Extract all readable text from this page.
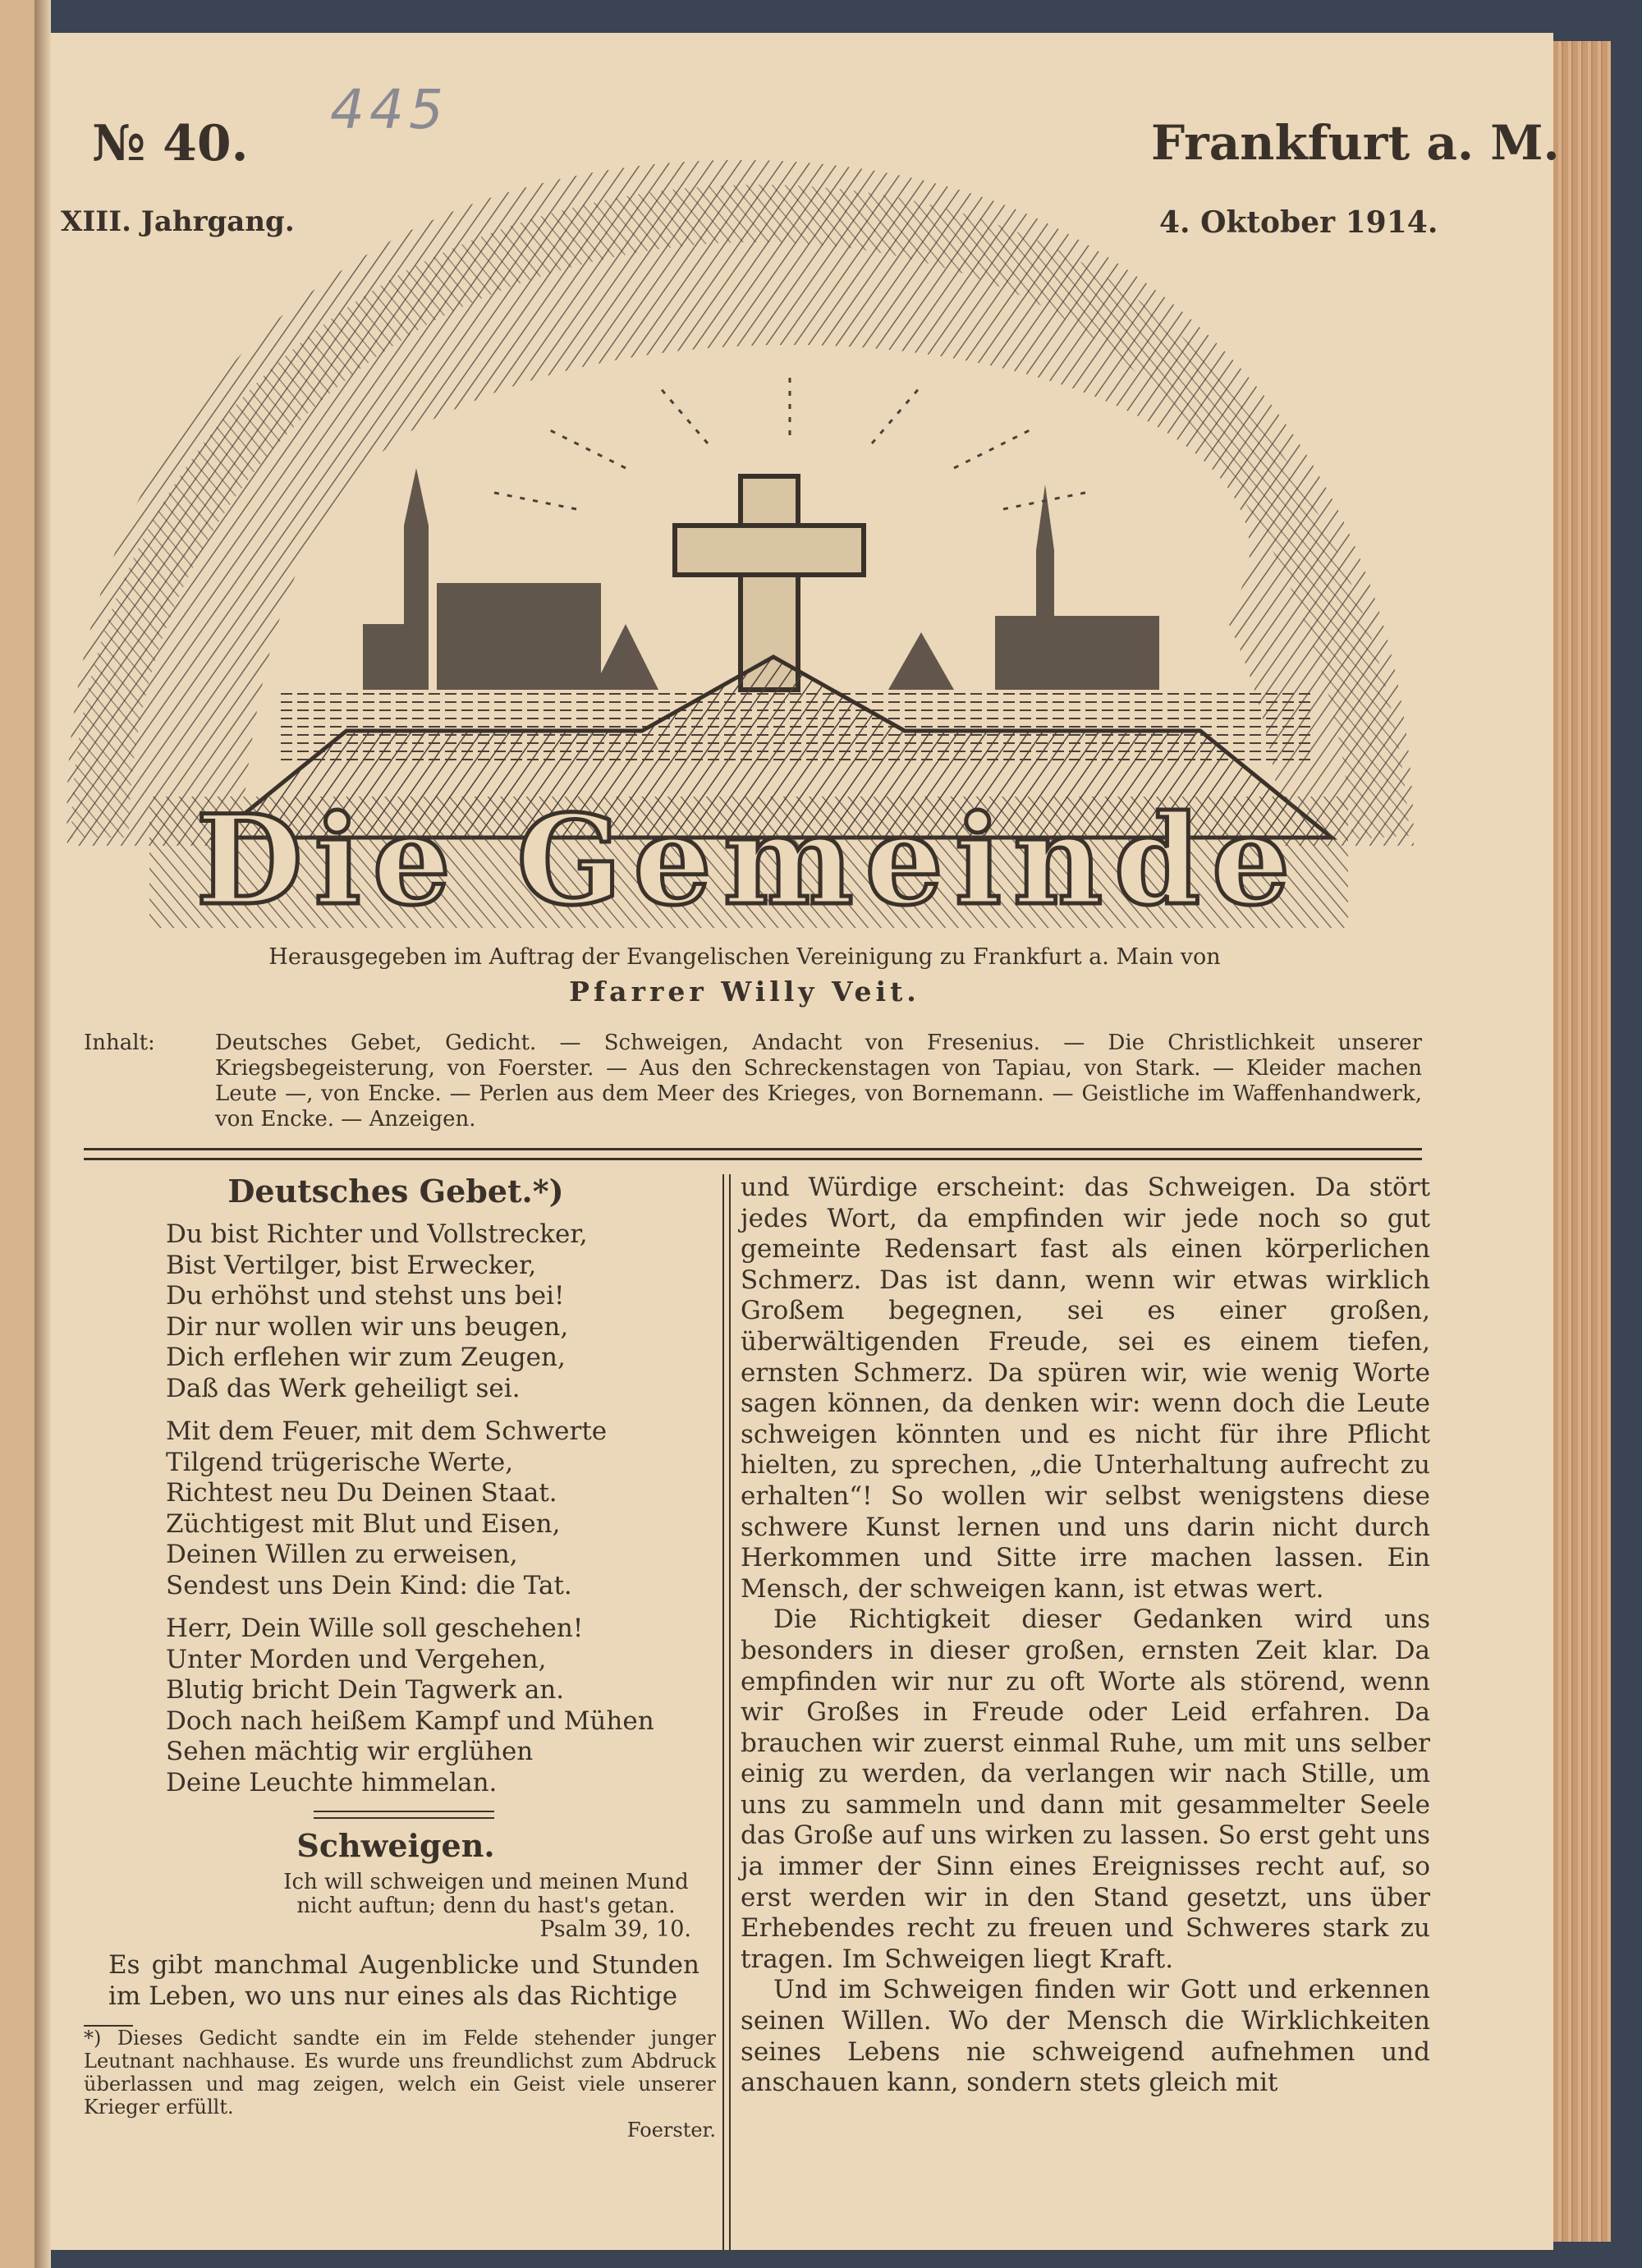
445
Die Gemeinde
№ 40.
XIII. Jahrgang.
Frankfurt a. M.
4. Oktober 1914.
Herausgegeben im Auftrag der Evangelischen Vereinigung zu Frankfurt a. Main von
Pfarrer Willy Veit.
Inhalt:	Deutsches Gebet, Gedicht. — Schweigen, Andacht von Fresenius. — Die Christlichkeit unserer Kriegsbegeisterung, von Foerster. — Aus den Schreckenstagen von Tapiau, von Stark. — Kleider machen Leute —, von Encke. — Perlen aus dem Meer des Krieges, von Bornemann. — Geistliche im Waffenhandwerk, von Encke. — Anzeigen.
Deutsches Gebet.*)
Du bist Richter und Vollstrecker,
Bist Vertilger, bist Erwecker,
Du erhöhst und stehst uns bei!
Dir nur wollen wir uns beugen,
Dich erflehen wir zum Zeugen,
Daß das Werk geheiligt sei.
Mit dem Feuer, mit dem Schwerte
Tilgend trügerische Werte,
Richtest neu Du Deinen Staat.
Züchtigest mit Blut und Eisen,
Deinen Willen zu erweisen,
Sendest uns Dein Kind: die Tat.
Herr, Dein Wille soll geschehen!
Unter Morden und Vergehen,
Blutig bricht Dein Tagwerk an.
Doch nach heißem Kampf und Mühen
Sehen mächtig wir erglühen
Deine Leuchte himmelan.
Schweigen.
Ich will schweigen und meinen Mund nicht auftun; denn du hast's getan.
Psalm 39, 10.
Es gibt manchmal Augenblicke und Stunden im Leben, wo uns nur eines als das Richtige
*) Dieses Gedicht sandte ein im Felde stehender junger Leutnant nachhause. Es wurde uns freundlichst zum Abdruck überlassen und mag zeigen, welch ein Geist viele unserer Krieger erfüllt.
Foerster.

und Würdige erscheint: das Schweigen. Da stört jedes Wort, da empfinden wir jede noch so gut gemeinte Redensart fast als einen körperlichen Schmerz. Das ist dann, wenn wir etwas wirklich Großem begegnen, sei es einer großen, überwältigenden Freude, sei es einem tiefen, ernsten Schmerz. Da spüren wir, wie wenig Worte sagen können, da denken wir: wenn doch die Leute schweigen könnten und es nicht für ihre Pflicht hielten, zu sprechen, „die Unterhaltung aufrecht zu erhalten“! So wollen wir selbst wenigstens diese schwere Kunst lernen und uns darin nicht durch Herkommen und Sitte irre machen lassen. Ein Mensch, der schweigen kann, ist etwas wert.

Die Richtigkeit dieser Gedanken wird uns besonders in dieser großen, ernsten Zeit klar. Da empfinden wir nur zu oft Worte als störend, wenn wir Großes in Freude oder Leid erfahren. Da brauchen wir zuerst einmal Ruhe, um mit uns selber einig zu werden, da verlangen wir nach Stille, um uns zu sammeln und dann mit gesammelter Seele das Große auf uns wirken zu lassen. So erst geht uns ja immer der Sinn eines Ereignisses recht auf, so erst werden wir in den Stand gesetzt, uns über Erhebendes recht zu freuen und Schweres stark zu tragen. Im Schweigen liegt Kraft.

Und im Schweigen finden wir Gott und erkennen seinen Willen. Wo der Mensch die Wirklichkeiten seines Lebens nie schweigend aufnehmen und anschauen kann, sondern stets gleich mit
